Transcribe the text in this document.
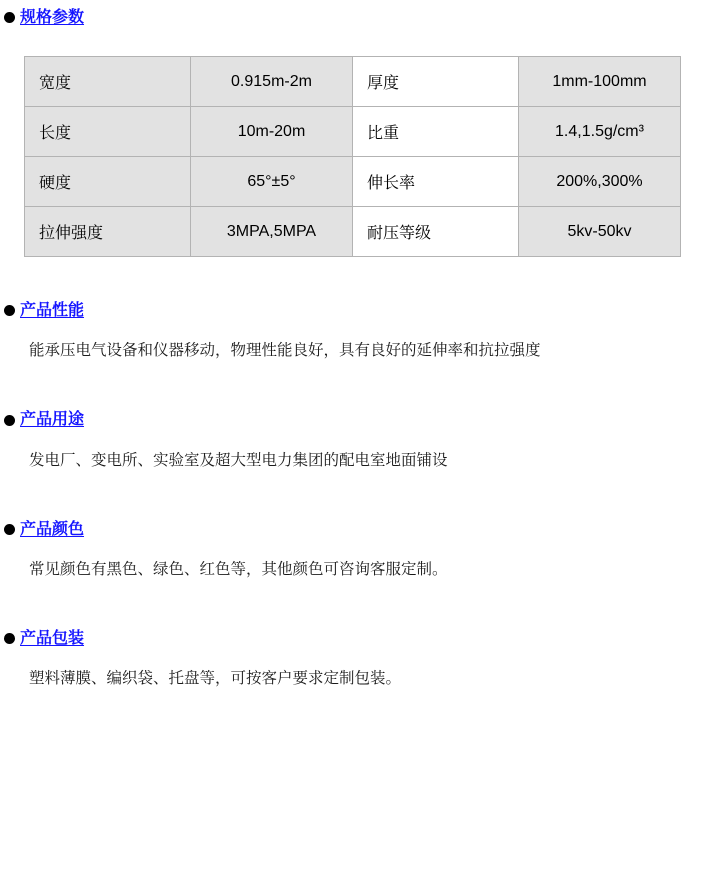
规格参数
宽度	0.915m-2m	厚度	1mm-100mm
长度	10m-20m	比重	1.4,1.5g/cm³
硬度	65°±5°	伸长率	200%,300%
拉伸强度	3MPA,5MPA	耐压等级	5kv-50kv
产品性能

能承压电气设备和仪器移动，物理性能良好，具有良好的延伸率和抗拉强度

产品用途

发电厂、变电所、实验室及超大型电力集团的配电室地面铺设

产品颜色

常见颜色有黑色、绿色、红色等，其他颜色可咨询客服定制。

产品包装

塑料薄膜、编织袋、托盘等，可按客户要求定制包装。
